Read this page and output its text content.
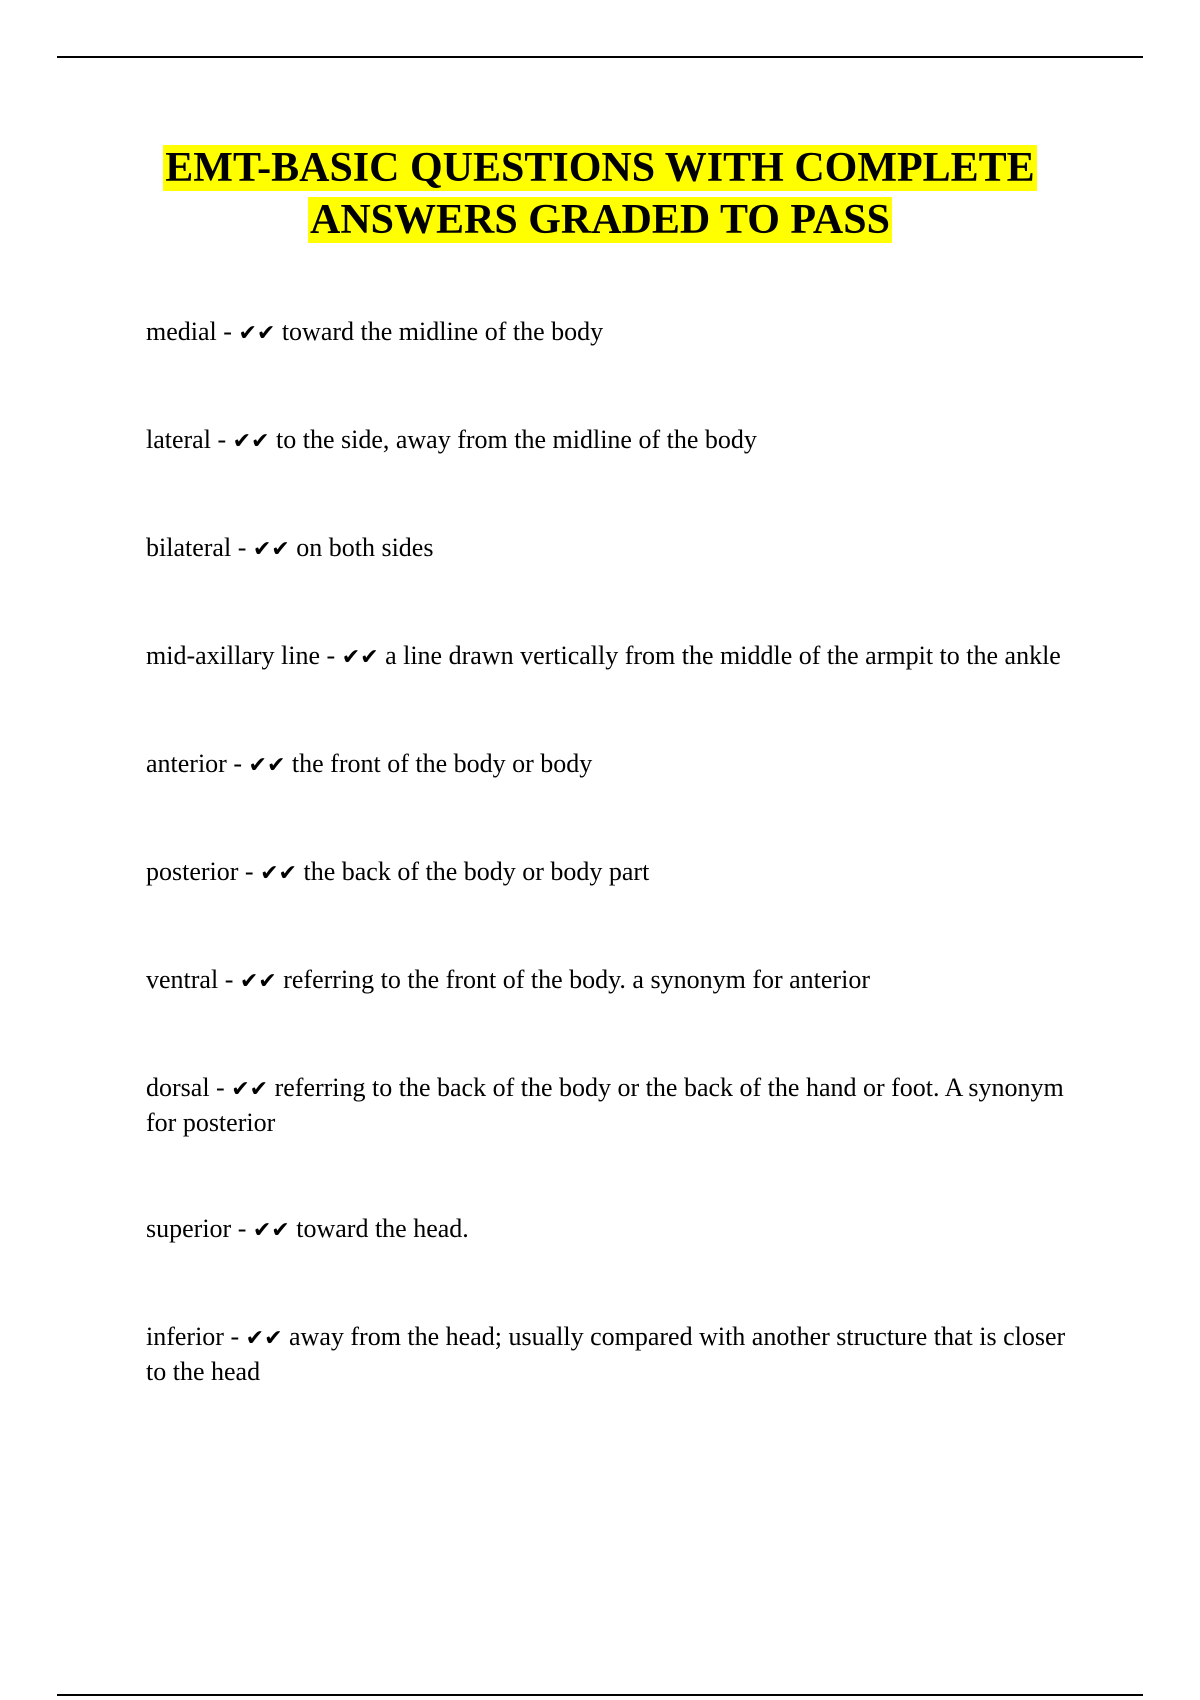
EMT-BASIC QUESTIONS WITH COMPLETE
ANSWERS GRADED TO PASS

medial - ✔✔ toward the midline of the body

lateral - ✔✔ to the side, away from the midline of the body

bilateral - ✔✔ on both sides

mid-axillary line - ✔✔ a line drawn vertically from the middle of the armpit to the ankle

anterior - ✔✔ the front of the body or body

posterior - ✔✔ the back of the body or body part

ventral - ✔✔ referring to the front of the body. a synonym for anterior

dorsal - ✔✔ referring to the back of the body or the back of the hand or foot. A synonym for posterior

superior - ✔✔ toward the head.

inferior - ✔✔ away from the head; usually compared with another structure that is closer to the head
